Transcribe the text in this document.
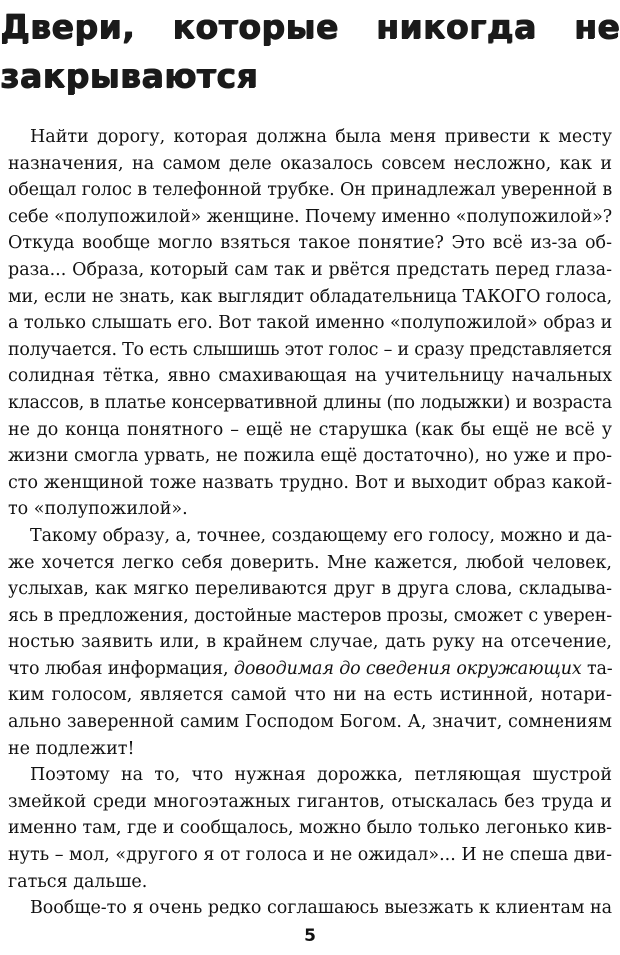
Двери, которые никогда не
закрываются
Найти дорогу, которая должна была меня привести к месту
назначения, на самом деле оказалось совсем несложно, как и
обещал голос в телефонной трубке. Он принадлежал уверенной в
себе «полупожилой» женщине. Почему именно «полупожилой»?
Откуда вообще могло взяться такое понятие? Это всё из-за об-
раза... Образа, который сам так и рвётся предстать перед глаза-
ми, если не знать, как выглядит обладательница ТАКОГО голоса,
а только слышать его. Вот такой именно «полупожилой» образ и
получается. То есть слышишь этот голос – и сразу представляется
солидная тётка, явно смахивающая на учительницу начальных
классов, в платье консервативной длины (по лодыжки) и возраста
не до конца понятного – ещё не старушка (как бы ещё не всё у
жизни смогла урвать, не пожила ещё достаточно), но уже и про-
сто женщиной тоже назвать трудно. Вот и выходит образ какой-
то «полупожилой».
Такому образу, а, точнее, создающему его голосу, можно и да-
же хочется легко себя доверить. Мне кажется, любой человек,
услыхав, как мягко переливаются друг в друга слова, складыва-
ясь в предложения, достойные мастеров прозы, сможет с уверен-
ностью заявить или, в крайнем случае, дать руку на отсечение,
что любая информация, доводимая до сведения окружающих та-
ким голосом, является самой что ни на есть истинной, нотари-
ально заверенной самим Господом Богом. А, значит, сомнениям
не подлежит!
Поэтому на то, что нужная дорожка, петляющая шустрой
змейкой среди многоэтажных гигантов, отыскалась без труда и
именно там, где и сообщалось, можно было только легонько кив-
нуть – мол, «другого я от голоса и не ожидал»... И не спеша дви-
гаться дальше.
Вообще-то я очень редко соглашаюсь выезжать к клиентам на
5
